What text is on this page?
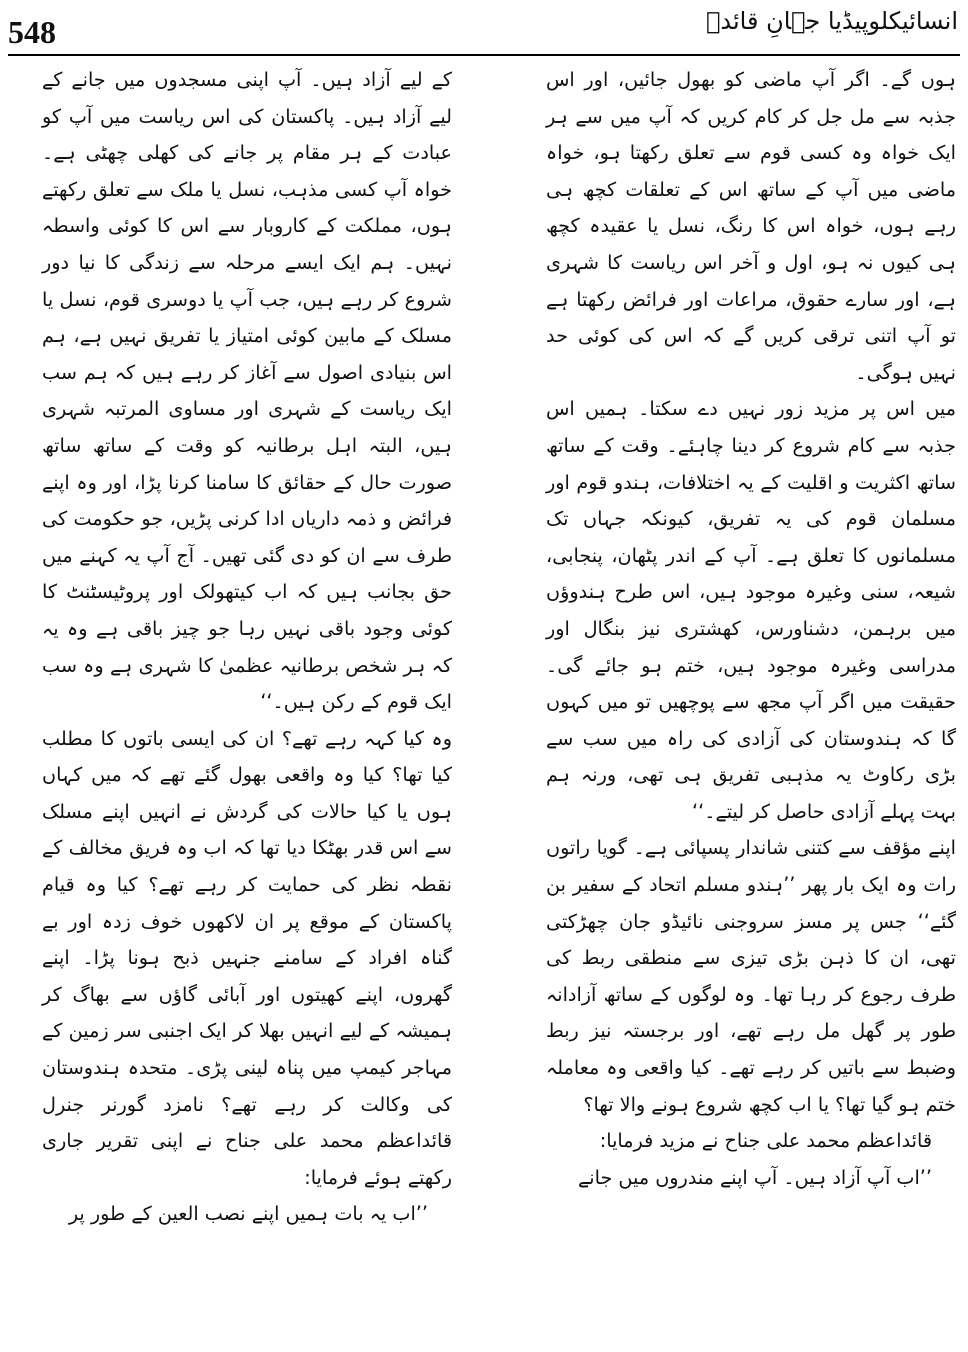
548	انسائیکلوپیڈیا جہانِ قائدؒ

ہوں گے۔ اگر آپ ماضی کو بھول جائیں، اور اس جذبہ سے مل جل کر کام کریں کہ آپ میں سے ہر ایک خواہ وہ کسی قوم سے تعلق رکھتا ہو، خواہ ماضی میں آپ کے ساتھ اس کے تعلقات کچھ ہی رہے ہوں، خواہ اس کا رنگ، نسل یا عقیدہ کچھ ہی کیوں نہ ہو، اول و آخر اس ریاست کا شہری ہے، اور سارے حقوق، مراعات اور فرائض رکھتا ہے تو آپ اتنی ترقی کریں گے کہ اس کی کوئی حد نہیں ہوگی۔

میں اس پر مزید زور نہیں دے سکتا۔ ہمیں اس جذبہ سے کام شروع کر دینا چاہئے۔ وقت کے ساتھ ساتھ اکثریت و اقلیت کے یہ اختلافات، ہندو قوم اور مسلمان قوم کی یہ تفریق، کیونکہ جہاں تک مسلمانوں کا تعلق ہے۔ آپ کے اندر پٹھان، پنجابی، شیعہ، سنی وغیرہ موجود ہیں، اس طرح ہندوؤں میں برہمن، دشناورس، کھشتری نیز بنگال اور مدراسی وغیرہ موجود ہیں، ختم ہو جائے گی۔ حقیقت میں اگر آپ مجھ سے پوچھیں تو میں کہوں گا کہ ہندوستان کی آزادی کی راہ میں سب سے بڑی رکاوٹ یہ مذہبی تفریق ہی تھی، ورنہ ہم بہت پہلے آزادی حاصل کر لیتے۔‘‘

اپنے مؤقف سے کتنی شاندار پسپائی ہے۔ گویا راتوں رات وہ ایک بار پھر ’’ہندو مسلم اتحاد کے سفیر بن گئے‘‘ جس پر مسز سروجنی نائیڈو جان چھڑکتی تھی، ان کا ذہن بڑی تیزی سے منطقی ربط کی طرف رجوع کر رہا تھا۔ وہ لوگوں کے ساتھ آزادانہ طور پر گھل مل رہے تھے، اور برجستہ نیز ربط وضبط سے باتیں کر رہے تھے۔ کیا واقعی وہ معاملہ ختم ہو گیا تھا؟ یا اب کچھ شروع ہونے والا تھا؟

قائداعظم محمد علی جناح نے مزید فرمایا:

’’اب آپ آزاد ہیں۔ آپ اپنے مندروں میں جانے

کے لیے آزاد ہیں۔ آپ اپنی مسجدوں میں جانے کے لیے آزاد ہیں۔ پاکستان کی اس ریاست میں آپ کو عبادت کے ہر مقام پر جانے کی کھلی چھٹی ہے۔ خواہ آپ کسی مذہب، نسل یا ملک سے تعلق رکھتے ہوں، مملکت کے کاروبار سے اس کا کوئی واسطہ نہیں۔ ہم ایک ایسے مرحلہ سے زندگی کا نیا دور شروع کر رہے ہیں، جب آپ یا دوسری قوم، نسل یا مسلک کے مابین کوئی امتیاز یا تفریق نہیں ہے، ہم اس بنیادی اصول سے آغاز کر رہے ہیں کہ ہم سب ایک ریاست کے شہری اور مساوی المرتبہ شہری ہیں، البتہ اہل برطانیہ کو وقت کے ساتھ ساتھ صورت حال کے حقائق کا سامنا کرنا پڑا، اور وہ اپنے فرائض و ذمہ داریاں ادا کرنی پڑیں، جو حکومت کی طرف سے ان کو دی گئی تھیں۔ آج آپ یہ کہنے میں حق بجانب ہیں کہ اب کیتھولک اور پروٹیسٹنٹ کا کوئی وجود باقی نہیں رہا جو چیز باقی ہے وہ یہ کہ ہر شخص برطانیہ عظمیٰ کا شہری ہے وہ سب ایک قوم کے رکن ہیں۔‘‘

وہ کیا کہہ رہے تھے؟ ان کی ایسی باتوں کا مطلب کیا تھا؟ کیا وہ واقعی بھول گئے تھے کہ میں کہاں ہوں یا کیا حالات کی گردش نے انہیں اپنے مسلک سے اس قدر بھٹکا دیا تھا کہ اب وہ فریق مخالف کے نقطہ نظر کی حمایت کر رہے تھے؟ کیا وہ قیام پاکستان کے موقع پر ان لاکھوں خوف زدہ اور بے گناہ افراد کے سامنے جنہیں ذبح ہونا پڑا۔ اپنے گھروں، اپنے کھیتوں اور آبائی گاؤں سے بھاگ کر ہمیشہ کے لیے انہیں بھلا کر ایک اجنبی سر زمین کے مہاجر کیمپ میں پناہ لینی پڑی۔ متحدہ ہندوستان کی وکالت کر رہے تھے؟ نامزد گورنر جنرل قائداعظم محمد علی جناح نے اپنی تقریر جاری رکھتے ہوئے فرمایا:

’’اب یہ بات ہمیں اپنے نصب العین کے طور پر
